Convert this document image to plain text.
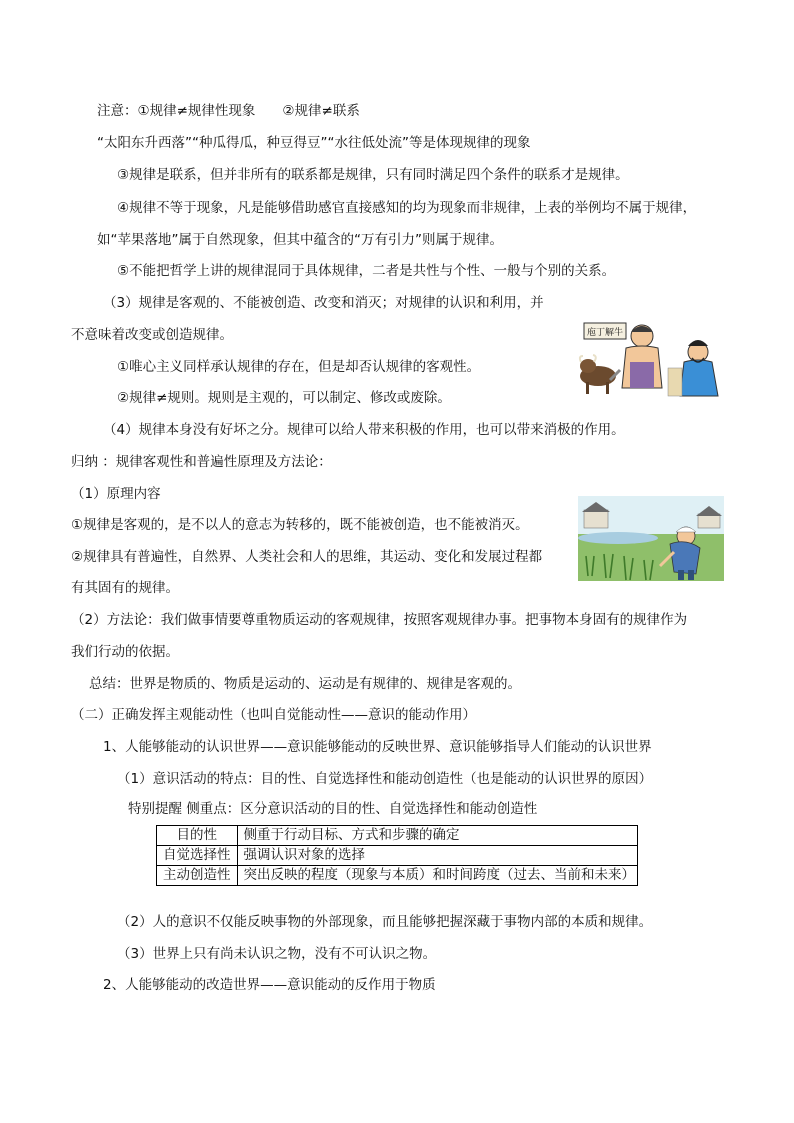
注意：①规律≠规律性现象　　②规律≠联系
“太阳东升西落”“种瓜得瓜，种豆得豆”“水往低处流”等是体现规律的现象
③规律是联系，但并非所有的联系都是规律，只有同时满足四个条件的联系才是规律。
④规律不等于现象，凡是能够借助感官直接感知的均为现象而非规律，上表的举例均不属于规律，
如“苹果落地”属于自然现象，但其中蕴含的“万有引力”则属于规律。
⑤不能把哲学上讲的规律混同于具体规律，二者是共性与个性、一般与个别的关系。
（3）规律是客观的、不能被创造、改变和消灭；对规律的认识和利用，并
不意味着改变或创造规律。
①唯心主义同样承认规律的存在，但是却否认规律的客观性。
②规律≠规则。规则是主观的，可以制定、修改或废除。
（4）规律本身没有好坏之分。规律可以给人带来积极的作用，也可以带来消极的作用。
归纳 ：规律客观性和普遍性原理及方法论：
（1）原理内容
①规律是客观的，是不以人的意志为转移的，既不能被创造，也不能被消灭。
②规律具有普遍性，自然界、人类社会和人的思维，其运动、变化和发展过程都
有其固有的规律。
（2）方法论：我们做事情要尊重物质运动的客观规律，按照客观规律办事。把事物本身固有的规律作为
我们行动的依据。
总结：世界是物质的、物质是运动的、运动是有规律的、规律是客观的。
（二）正确发挥主观能动性（也叫自觉能动性——意识的能动作用）
1、人能够能动的认识世界——意识能够能动的反映世界、意识能够指导人们能动的认识世界
（1）意识活动的特点：目的性、自觉选择性和能动创造性（也是能动的认识世界的原因）
特别提醒 侧重点：区分意识活动的目的性、自觉选择性和能动创造性
目的性	侧重于行动目标、方式和步骤的确定
自觉选择性	强调认识对象的选择
主动创造性	突出反映的程度（现象与本质）和时间跨度（过去、当前和未来）
（2）人的意识不仅能反映事物的外部现象，而且能够把握深藏于事物内部的本质和规律。
（3）世界上只有尚未认识之物，没有不可认识之物。
2、人能够能动的改造世界——意识能动的反作用于物质
庖丁解牛
